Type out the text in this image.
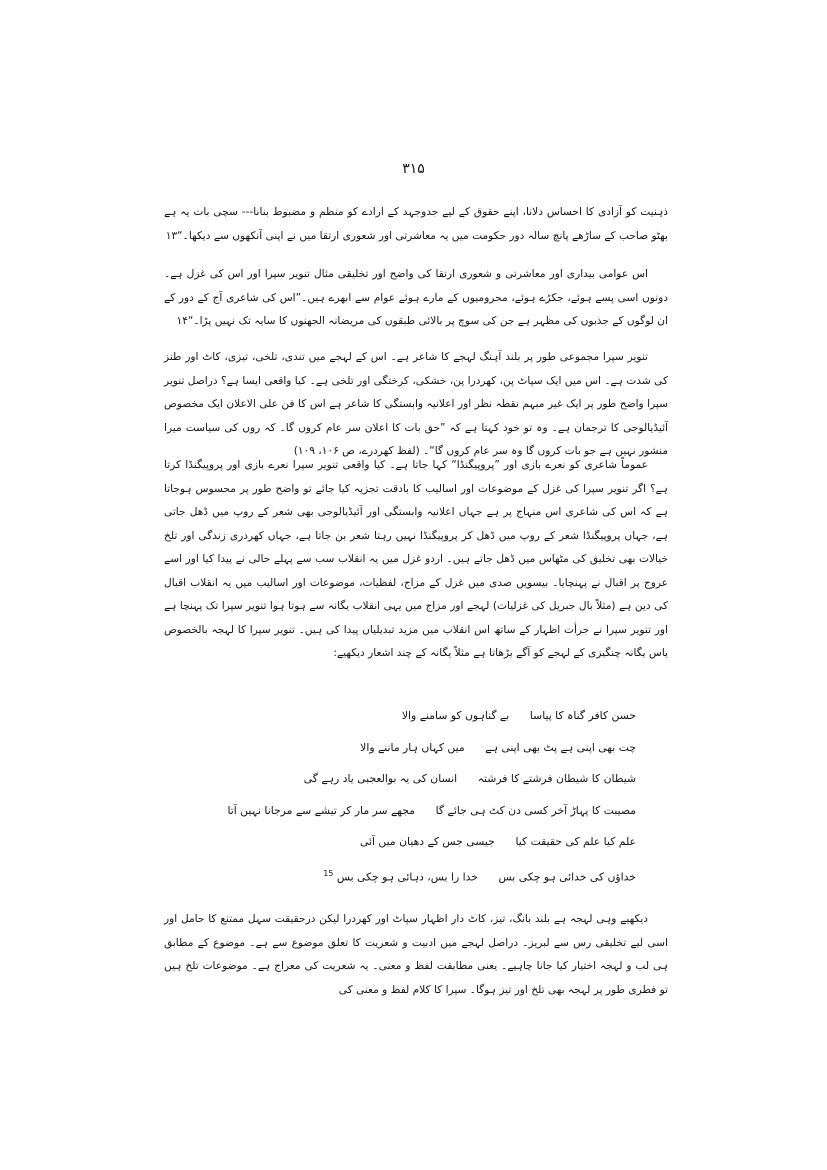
۳۱۵

ذہنیت کو آزادی کا احساس دلانا، اپنے حقوق کے لیے جدوجہد کے ارادے کو منظم و مضبوط بنانا--- سچی بات یہ ہے بھٹو صاحب کے ساڑھے پانچ سالہ دور حکومت میں یہ معاشرتی اور شعوری ارتقا میں نے اپنی آنکھوں سے دیکھا۔“۱۳

اس عوامی بیداری اور معاشرتی و شعوری ارتقا کی واضح اور تخلیقی مثال تنویر سپرا اور اس کی غزل ہے۔ دونوں اسی پسے ہوئے، جکڑے ہوئے، محرومیوں کے مارے ہوئے عوام سے ابھرے ہیں۔”اس کی شاعری آج کے دور کے ان لوگوں کے جذبوں کی مظہر ہے جن کی سوچ پر بالائی طبقوں کی مریضانہ الجھنوں کا سایہ تک نہیں پڑا۔“۱۴

تنویر سپرا مجموعی طور پر بلند آہنگ لہجے کا شاعر ہے۔ اس کے لہجے میں تندی، تلخی، تیزی، کاٹ اور طنز کی شدت ہے۔ اس میں ایک سپاٹ پن، کھردرا پن، خشکی، کرختگی اور تلخی ہے۔ کیا واقعی ایسا ہے؟ دراصل تنویر سپرا واضح طور پر ایک غیر مبہم نقطہ نظر اور اعلانیہ وابستگی کا شاعر ہے اس کا فن علی الاعلان ایک مخصوص آئیڈیالوجی کا ترجمان ہے۔ وہ تو خود کہتا ہے کہ ”حق بات کا اعلان سر عام کروں گا۔ کہ روں کی سیاست میرا منشور نہیں ہے جو بات کروں گا وہ سر عام کروں گا“۔ (لفظ کھردرے، ص ۱۰۶، ۱۰۹)

عموماً شاعری کو نعرے بازی اور ”پروپیگنڈا“ کہا جاتا ہے۔ کیا واقعی تنویر سپرا نعرے بازی اور پروپیگنڈا کرتا ہے؟ اگر تنویر سپرا کی غزل کے موضوعات اور اسالیب کا بادقت تجزیہ کیا جائے تو واضح طور پر محسوس ہوجاتا ہے کہ اس کی شاعری اس منہاج پر ہے جہاں اعلانیہ وابستگی اور آئیڈیالوجی بھی شعر کے روپ میں ڈھل جاتی ہے، جہاں پروپیگنڈا شعر کے روپ میں ڈھل کر پروپیگنڈا نہیں رہتا شعر بن جاتا ہے، جہاں کھردری زندگی اور تلخ خیالات بھی تخلیق کی مٹھاس میں ڈھل جاتے ہیں۔ اردو غزل میں یہ انقلاب سب سے پہلے حالی نے پیدا کیا اور اسے عروج پر اقبال نے پہنچایا۔ بیسویں صدی میں غزل کے مزاج، لفظیات، موضوعات اور اسالیب میں یہ انقلاب اقبال کی دین ہے (مثلاً بال جبریل کی غزلیات) لہجے اور مزاج میں یہی انقلاب یگانہ سے ہوتا ہوا تنویر سپرا تک پہنچا ہے اور تنویر سپرا نے جرأت اظہار کے ساتھ اس انقلاب میں مزید تبدیلیاں پیدا کی ہیں۔ تنویر سپرا کا لہجہ بالخصوص یاس یگانہ چنگیزی کے لہجے کو آگے بڑھاتا ہے مثلاً یگانہ کے چند اشعار دیکھیے:

حسن کافر گناہ کا پیاسا      بے گناہوں کو سامنے والا
چت بھی اپنی ہے پٹ بھی اپنی ہے      میں کہاں ہار ماننے والا
شیطان کا شیطان فرشتے کا فرشتہ      انسان کی یہ بوالعجبی یاد رہے گی
مصیبت کا پہاڑ آخر کسی دن کٹ ہی جائے گا      مجھے سر مار کر تیشے سے مرجانا نہیں آتا
علم کیا علم کی حقیقت کیا      جیسی جس کے دھیان میں آئی
خداؤں کی خدائی ہو چکی بس      خدا را بس، دہائی ہو چکی بس $^{15}$

دیکھیے وہی لہجہ ہے بلند بانگ، تیز، کاٹ دار اظہار سپاٹ اور کھردرا لیکن درحقیقت سہل ممتنع کا حامل اور اسی لیے تخلیقی رس سے لبریز۔ دراصل لہجے میں ادبیت و شعریت کا تعلق موضوع سے ہے۔ موضوع کے مطابق ہی لب و لہجہ اختیار کیا جانا چاہیے۔ یعنی مطابقت لفظ و معنی۔ یہ شعریت کی معراج ہے۔ موضوعات تلخ ہیں تو فطری طور پر لہجہ بھی تلخ اور تیز ہوگا۔ سپرا کا کلام لفظ و معنی کی
